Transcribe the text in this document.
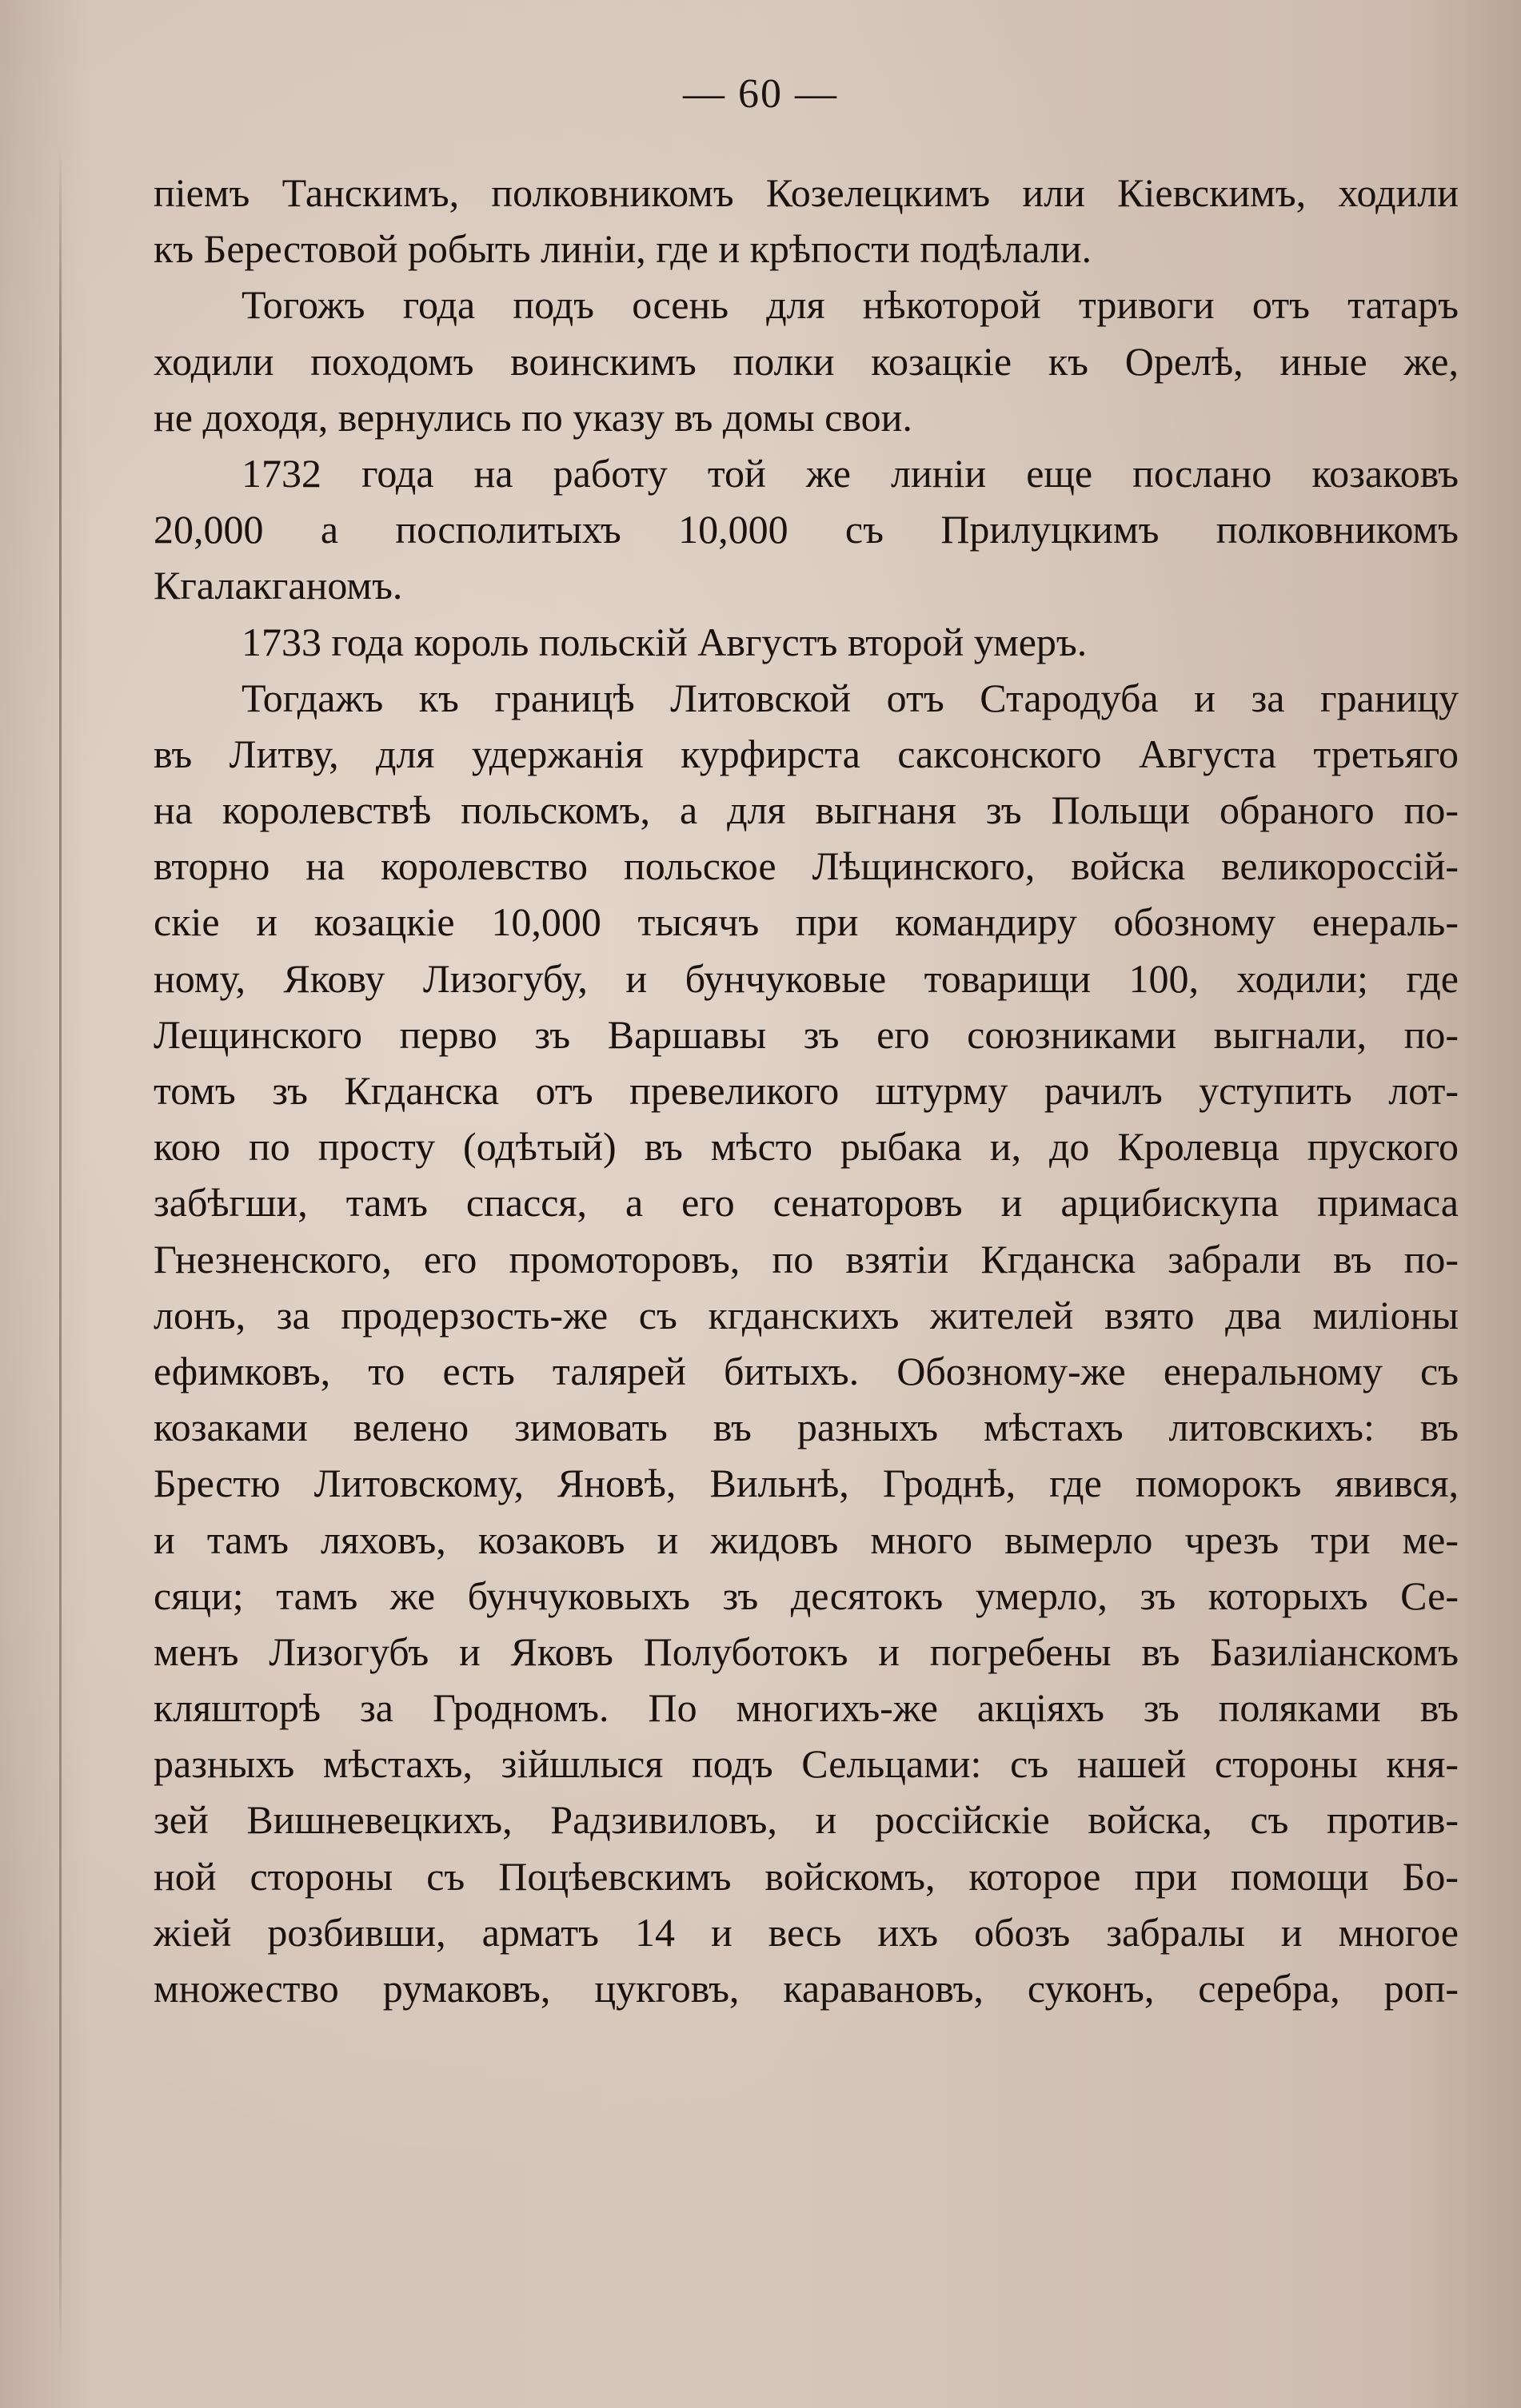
— 60 —
піемъ Танскимъ, полковникомъ Козелецкимъ или Кіевскимъ, ходили
къ Берестовой робыть линіи, где и крѣпости подѣлали.
Тогожъ года подъ осень для нѣкоторой тривоги отъ татаръ
ходили походомъ воинскимъ полки козацкіе къ Орелѣ, иные же,
не доходя, вернулись по указу въ домы свои.
1732 года на работу той же линіи еще послано козаковъ
20,000 а посполитыхъ 10,000 съ Прилуцкимъ полковникомъ
Кгалакганомъ.
1733 года король польскій Августъ второй умеръ.
Тогдажъ къ границѣ Литовской отъ Стародуба и за границу
въ Литву, для удержанія курфирста саксонского Августа третьяго
на королевствѣ польскомъ, а для выгнаня зъ Польщи обраного по-
вторно на королевство польское Лѣщинского, войска великороссій-
скіе и козацкіе 10,000 тысячъ при командиру обозному енераль-
ному, Якову Лизогубу, и бунчуковые товарищи 100, ходили; где
Лещинского перво зъ Варшавы зъ его союзниками выгнали, по-
томъ зъ Кгданска отъ превеликого штурму рачилъ уступить лот-
кою по просту (одѣтый) въ мѣсто рыбака и, до Кролевца пруского
забѣгши, тамъ спасся, а его сенаторовъ и арцибискупа примаса
Гнезненского, его промоторовъ, по взятіи Кгданска забрали въ по-
лонъ, за продерзость-же съ кгданскихъ жителей взято два милiоны
ефимковъ, то есть талярей битыхъ. Обозному-же енеральному съ
козаками велено зимовать въ разныхъ мѣстахъ литовскихъ: въ
Брестю Литовскому, Яновѣ, Вильнѣ, Гроднѣ, где поморокъ явився,
и тамъ ляховъ, козаковъ и жидовъ много вымерло чрезъ три ме-
сяци; тамъ же бунчуковыхъ зъ десятокъ умерло, зъ которыхъ Се-
менъ Лизогубъ и Яковъ Полуботокъ и погребены въ Базиліанскомъ
кляшторѣ за Гродномъ. По многихъ-же акціяхъ зъ поляками въ
разныхъ мѣстахъ, зійшлыся подъ Сельцами: съ нашей стороны кня-
зей Вишневецкихъ, Радзивиловъ, и россійскіе войска, съ против-
ной стороны съ Поцѣевскимъ войскомъ, которое при помощи Бо-
жіей розбивши, арматъ 14 и весь ихъ обозъ забралы и многое
множество румаковъ, цукговъ, каравановъ, суконъ, серебра, роп-
